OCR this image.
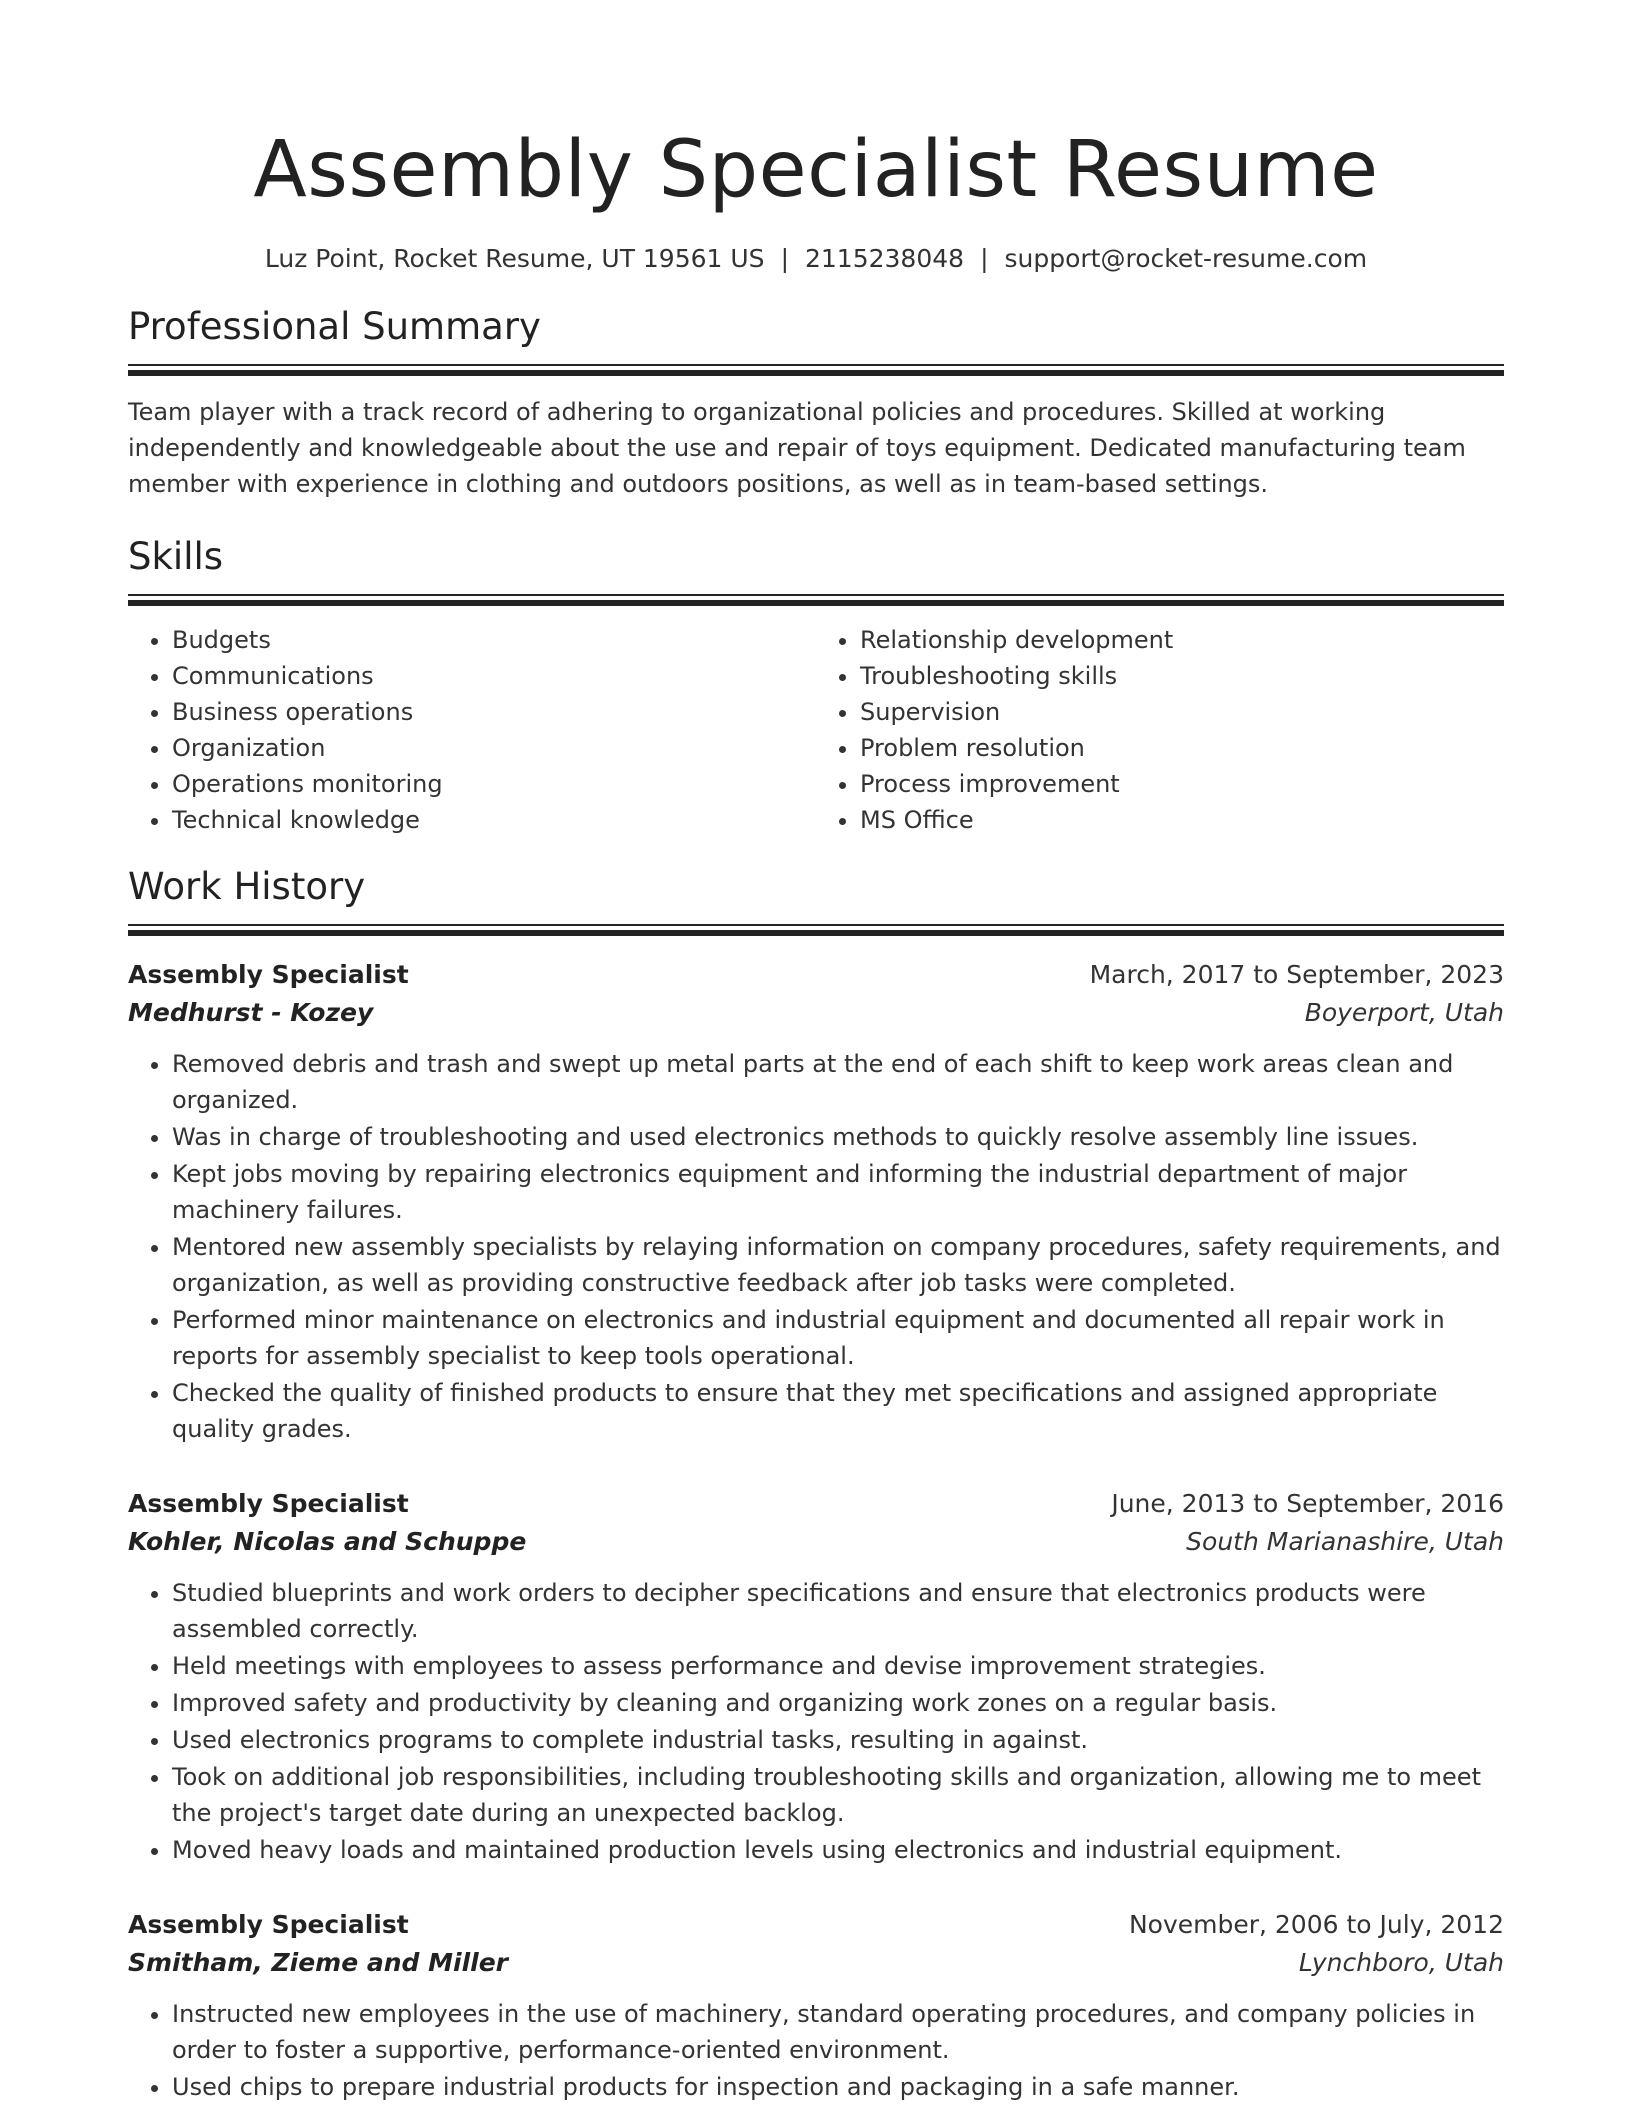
Assembly Specialist Resume
Luz Point, Rocket Resume, UT 19561 US | 2115238048 | support@rocket-resume.com
Professional Summary

Team player with a track record of adhering to organizational policies and procedures. Skilled at working independently and knowledgeable about the use and repair of toys equipment. Dedicated manufacturing team member with experience in clothing and outdoors positions, as well as in team-based settings.

Skills
• Budgets
• Communications
• Business operations
• Organization
• Operations monitoring
• Technical knowledge
• Relationship development
• Troubleshooting skills
• Supervision
• Problem resolution
• Process improvement
• MS Office
Work History
Assembly Specialist	March, 2017 to September, 2023
Medhurst - Kozey	Boyerport, Utah
• Removed debris and trash and swept up metal parts at the end of each shift to keep work areas clean and organized.
• Was in charge of troubleshooting and used electronics methods to quickly resolve assembly line issues.
• Kept jobs moving by repairing electronics equipment and informing the industrial department of major machinery failures.
• Mentored new assembly specialists by relaying information on company procedures, safety requirements, and organization, as well as providing constructive feedback after job tasks were completed.
• Performed minor maintenance on electronics and industrial equipment and documented all repair work in reports for assembly specialist to keep tools operational.
• Checked the quality of finished products to ensure that they met specifications and assigned appropriate quality grades.
Assembly Specialist	June, 2013 to September, 2016
Kohler, Nicolas and Schuppe	South Marianashire, Utah
• Studied blueprints and work orders to decipher specifications and ensure that electronics products were assembled correctly.
• Held meetings with employees to assess performance and devise improvement strategies.
• Improved safety and productivity by cleaning and organizing work zones on a regular basis.
• Used electronics programs to complete industrial tasks, resulting in against.
• Took on additional job responsibilities, including troubleshooting skills and organization, allowing me to meet the project's target date during an unexpected backlog.
• Moved heavy loads and maintained production levels using electronics and industrial equipment.
Assembly Specialist	November, 2006 to July, 2012
Smitham, Zieme and Miller	Lynchboro, Utah
• Instructed new employees in the use of machinery, standard operating procedures, and company policies in order to foster a supportive, performance-oriented environment.
• Used chips to prepare industrial products for inspection and packaging in a safe manner.
